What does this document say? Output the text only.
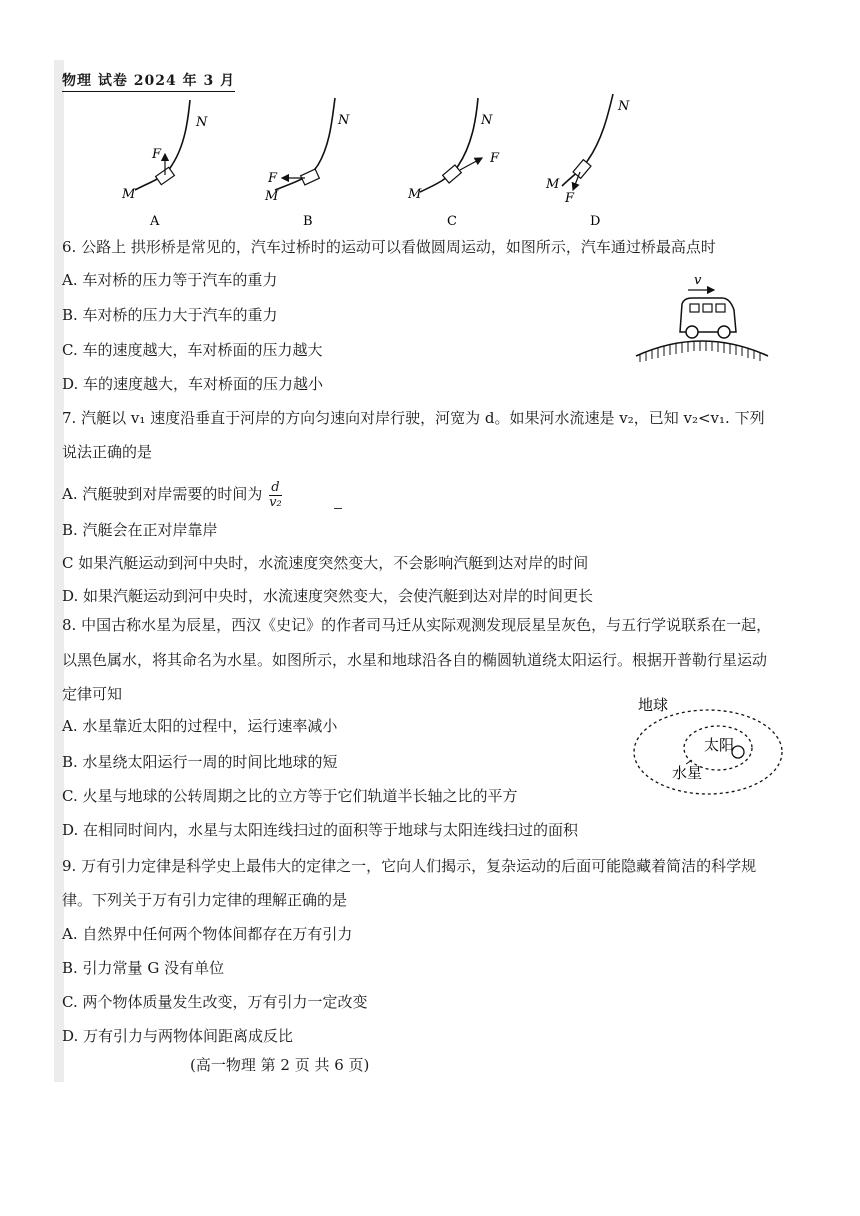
物理 试卷 2024 年 3 月
F
M
N
A
F
M
N
B
F
M
N
C
F
M
N
D
6. 公路上 拱形桥是常见的，汽车过桥时的运动可以看做圆周运动，如图所示，汽车通过桥最高点时
A. 车对桥的压力等于汽车的重力
B. 车对桥的压力大于汽车的重力
C. 车的速度越大，车对桥面的压力越大
D. 车的速度越大，车对桥面的压力越小
v
7. 汽艇以 v₁ 速度沿垂直于河岸的方向匀速向对岸行驶，河宽为 d。如果河水流速是 v₂，已知 v₂<v₁. 下列
说法正确的是
A. 汽艇驶到对岸需要的时间为 $\frac{d}{\text{v₂}}$
B. 汽艇会在正对岸靠岸
C 如果汽艇运动到河中央时，水流速度突然变大，不会影响汽艇到达对岸的时间
D. 如果汽艇运动到河中央时，水流速度突然变大，会使汽艇到达对岸的时间更长
8. 中国古称水星为辰星，西汉《史记》的作者司马迁从实际观测发现辰星呈灰色，与五行学说联系在一起，
以黑色属水，将其命名为水星。如图所示，水星和地球沿各自的椭圆轨道绕太阳运行。根据开普勒行星运动
定律可知
A. 水星靠近太阳的过程中，运行速率减小
B. 水星绕太阳运行一周的时间比地球的短
C. 火星与地球的公转周期之比的立方等于它们轨道半长轴之比的平方
D. 在相同时间内，水星与太阳连线扫过的面积等于地球与太阳连线扫过的面积
地球
太阳
水星
9. 万有引力定律是科学史上最伟大的定律之一，它向人们揭示，复杂运动的后面可能隐藏着简洁的科学规
律。下列关于万有引力定律的理解正确的是
A. 自然界中任何两个物体间都存在万有引力
B. 引力常量 G 没有单位
C. 两个物体质量发生改变，万有引力一定改变
D. 万有引力与两物体间距离成反比
(高一物理 第 2 页 共 6 页)
